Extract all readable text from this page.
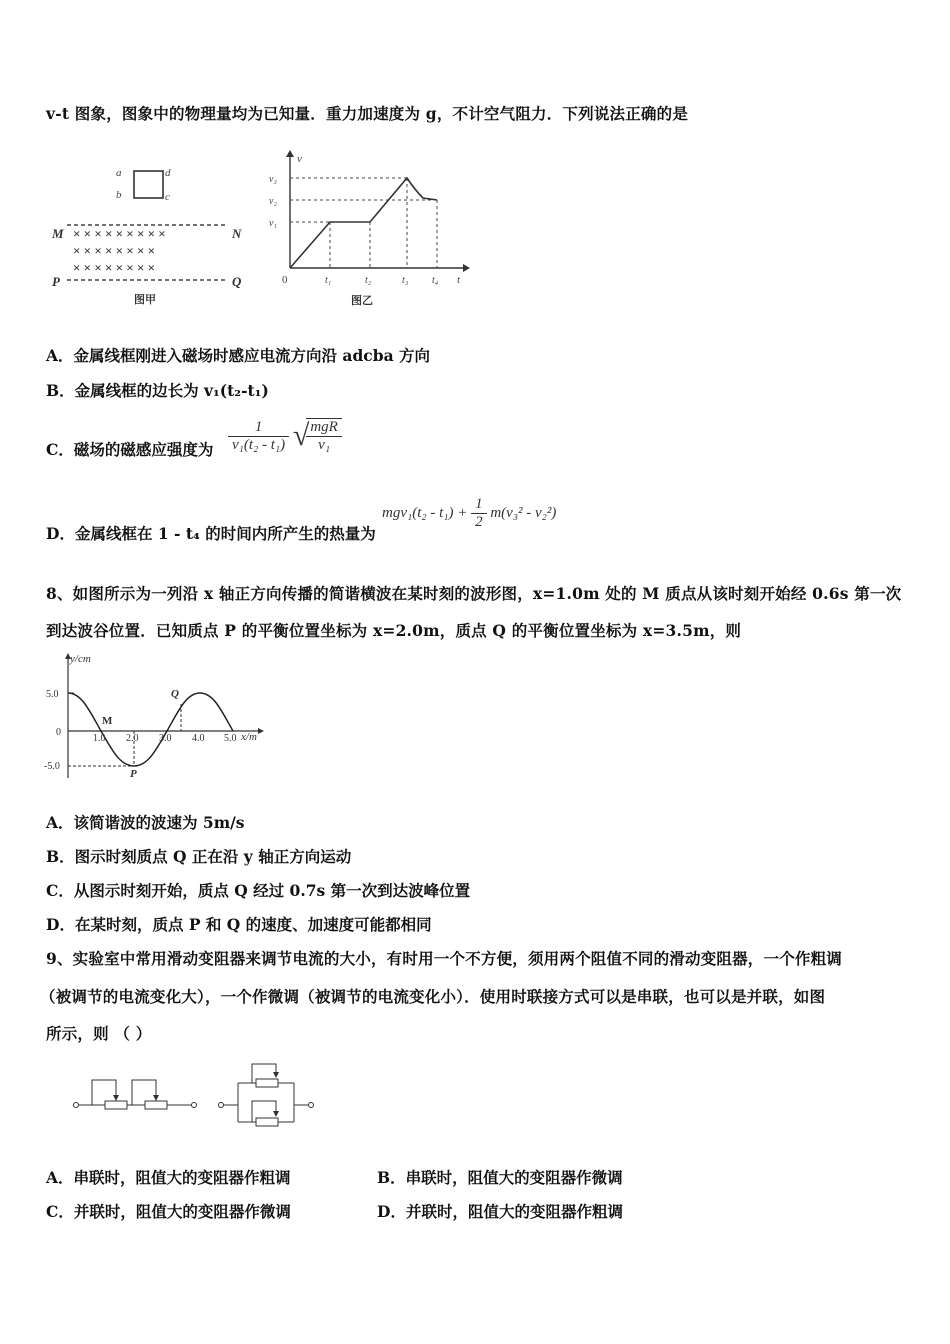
v-t 图象，图象中的物理量均为已知量．重力加速度为 g，不计空气阻力．下列说法正确的是
a	d
b	c
M	N
P	Q
× × × × × × × × ×
× × × × × × × ×
× × × × × × × ×
图甲
v
t
0
v₃
v₂
v₁
t₁	t₂	t₃ t₄
图乙
A．金属线框刚进入磁场时感应电流方向沿 adcba 方向
B．金属线框的边长为 v₁(t₂-t₁)
C．磁场的磁感应强度为 $\frac{1}{\text{v₁(t₂ - t₁)}}$ √
$\frac{\text{mgR}}{\text{v₁}}$
D．金属线框在 1 - t₄ 的时间内所产生的热量为
$mgv_1(t_2 - t_1) + \frac{1}{2} m(v_3^2 - v_2^2)$
8、如图所示为一列沿 x 轴正方向传播的简谐横波在某时刻的波形图，x=1.0m 处的 M 质点从该时刻开始经 0.6s 第一次
到达波谷位置．已知质点 P 的平衡位置坐标为 x=2.0m，质点 Q 的平衡位置坐标为 x=3.5m，则
y/cm
x/m
5.0
0
-5.0
1.0 2.0 3.0 4.0 5.0
M
Q
P
A．该简谐波的波速为 5m/s
B．图示时刻质点 Q 正在沿 y 轴正方向运动
C．从图示时刻开始，质点 Q 经过 0.7s 第一次到达波峰位置
D．在某时刻，质点 P 和 Q 的速度、加速度可能都相同
9、实验室中常用滑动变阻器来调节电流的大小，有时用一个不方便，须用两个阻值不同的滑动变阻器，一个作粗调
（被调节的电流变化大），一个作微调（被调节的电流变化小）．使用时联接方式可以是串联，也可以是并联，如图
所示，则 （ ）
A．串联时，阻值大的变阻器作粗调	B．串联时，阻值大的变阻器作微调
C．并联时，阻值大的变阻器作微调	D．并联时，阻值大的变阻器作粗调
